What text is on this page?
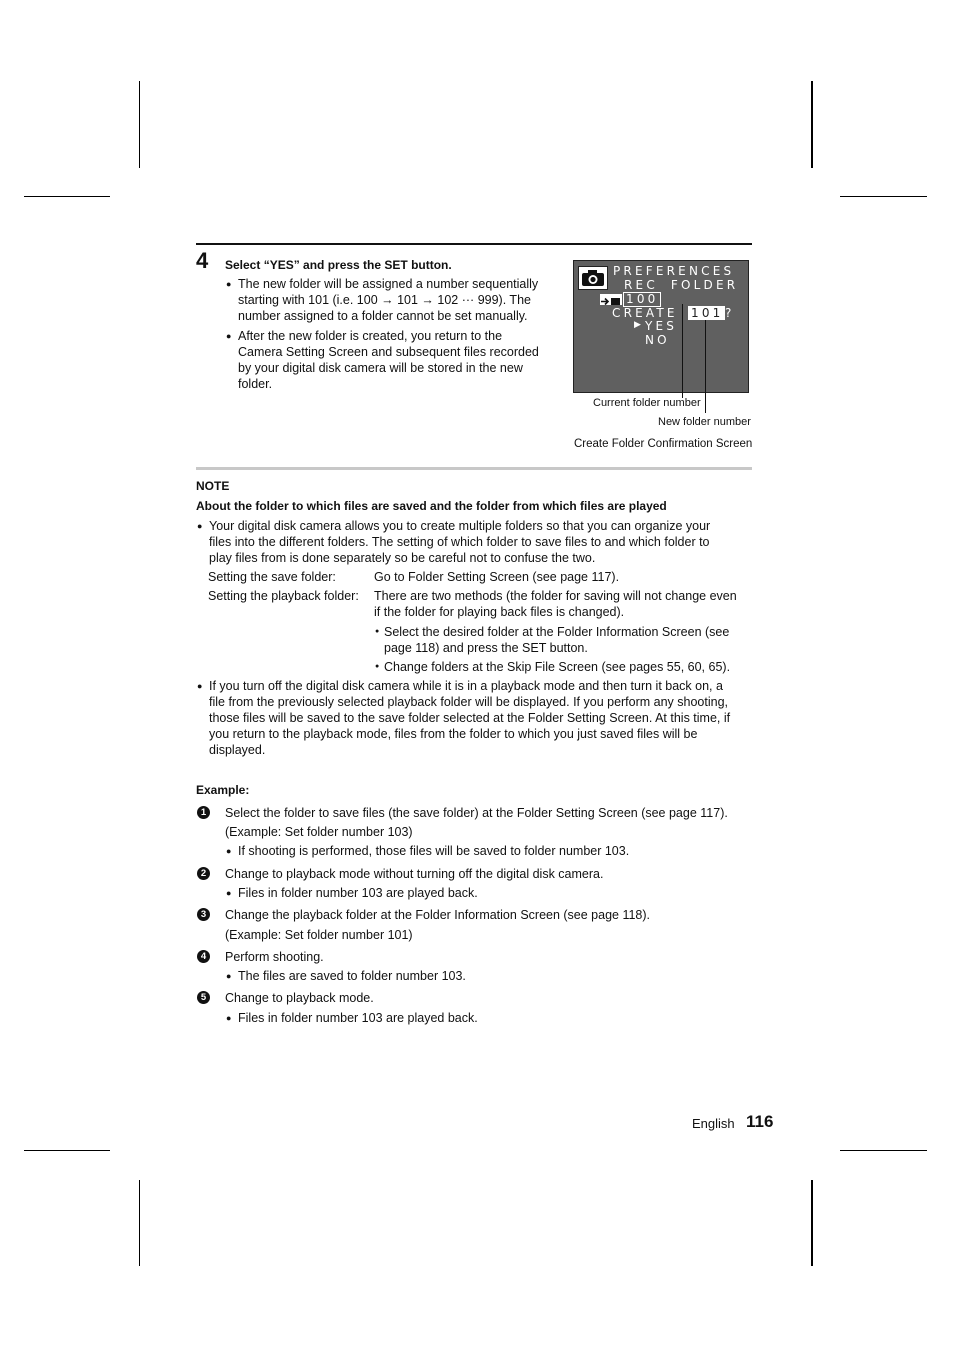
4 Select “YES” and press the SET button.
● The new folder will be assigned a number sequentially
starting with 101 (i.e. 100 → 101 → 102 ··· 999). The
number assigned to a folder cannot be set manually.
● After the new folder is created, you return to the
Camera Setting Screen and subsequent files recorded
by your digital disk camera will be stored in the new
folder.
PREFERENCES
REC FOLDER
100
CREATE 101 ?
▶ YES
NO
Current folder number
New folder number
Create Folder Confirmation Screen
NOTE
About the folder to which files are saved and the folder from which files are played
● Your digital disk camera allows you to create multiple folders so that you can organize your
files into the different folders. The setting of which folder to save files to and which folder to
play files from is done separately so be careful not to confuse the two.
Setting the save folder:	Go to Folder Setting Screen (see page 117).
Setting the playback folder: There are two methods (the folder for saving will not change even
if the folder for playing back files is changed).
● Select the desired folder at the Folder Information Screen (see
page 118) and press the SET button.
● Change folders at the Skip File Screen (see pages 55, 60, 65).
● If you turn off the digital disk camera while it is in a playback mode and then turn it back on, a
file from the previously selected playback folder will be displayed. If you perform any shooting,
those files will be saved to the save folder selected at the Folder Setting Screen. At this time, if
you return to the playback mode, files from the folder to which you just saved files will be
displayed.
Example:
1	Select the folder to save files (the save folder) at the Folder Setting Screen (see page 117).
(Example: Set folder number 103)
● If shooting is performed, those files will be saved to folder number 103.
2	Change to playback mode without turning off the digital disk camera.
● Files in folder number 103 are played back.
3	Change the playback folder at the Folder Information Screen (see page 118).
(Example: Set folder number 101)
4	Perform shooting.
● The files are saved to folder number 103.
5	Change to playback mode.
● Files in folder number 103 are played back.
English 116
